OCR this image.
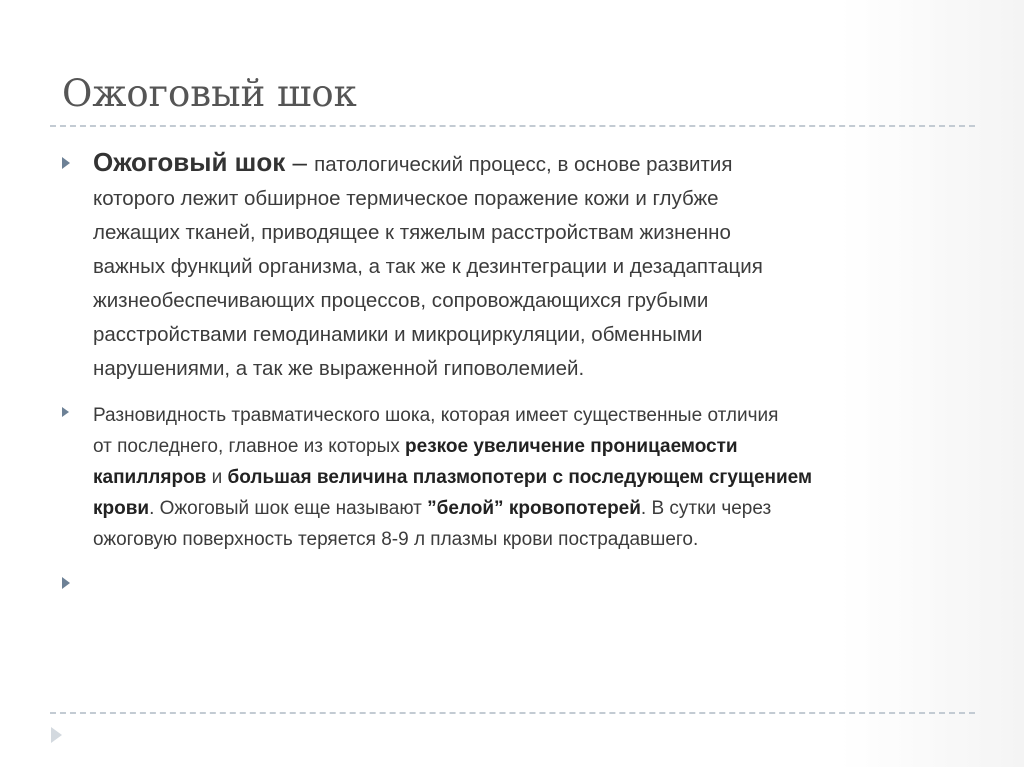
Ожоговый шок
Ожоговый шок – патологический процесс, в основе развития
которого лежит обширное термическое поражение кожи и глубже
лежащих тканей, приводящее к тяжелым расстройствам жизненно
важных функций организма, а так же к дезинтеграции и дезадаптация
жизнеобеспечивающих процессов, сопровождающихся грубыми
расстройствами гемодинамики и микроциркуляции, обменными
нарушениями, а так же выраженной гиповолемией.
Разновидность травматического шока, которая имеет существенные отличия
от последнего, главное из которых резкое увеличение проницаемости
капилляров и большая величина плазмопотери с последующем сгущением
крови. Ожоговый шок еще называют ”белой” кровопотерей. В сутки через
ожоговую поверхность теряется 8-9 л плазмы крови пострадавшего.
